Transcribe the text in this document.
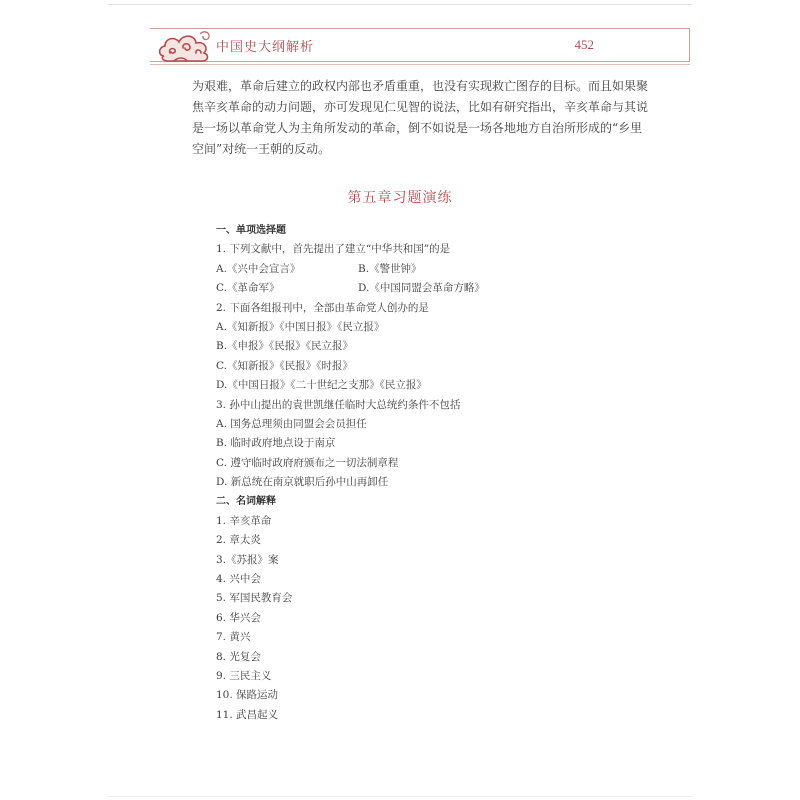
中国史大纲解析	452

为艰难，革命后建立的政权内部也矛盾重重，也没有实现救亡图存的目标。而且如果聚

焦辛亥革命的动力问题，亦可发现见仁见智的说法，比如有研究指出，辛亥革命与其说

是一场以革命党人为主角所发动的革命，倒不如说是一场各地地方自治所形成的“乡里

空间”对统一王朝的反动。

第五章习题演练
一、单项选择题
1. 下列文献中，首先提出了建立“中华共和国”的是
A.《兴中会宣言》	B.《警世钟》
C.《革命军》	D.《中国同盟会革命方略》
2. 下面各组报刊中，全部由革命党人创办的是
A.《知新报》《中国日报》《民立报》
B.《申报》《民报》《民立报》
C.《知新报》《民报》《时报》
D.《中国日报》《二十世纪之支那》《民立报》
3. 孙中山提出的袁世凯继任临时大总统约条件不包括
A. 国务总理须由同盟会会员担任
B. 临时政府地点设于南京
C. 遵守临时政府府颁布之一切法制章程
D. 新总统在南京就职后孙中山再卸任
二、名词解释
1. 辛亥革命
2. 章太炎
3.《苏报》案
4. 兴中会
5. 军国民教育会
6. 华兴会
7. 黄兴
8. 光复会
9. 三民主义
10. 保路运动
11. 武昌起义
